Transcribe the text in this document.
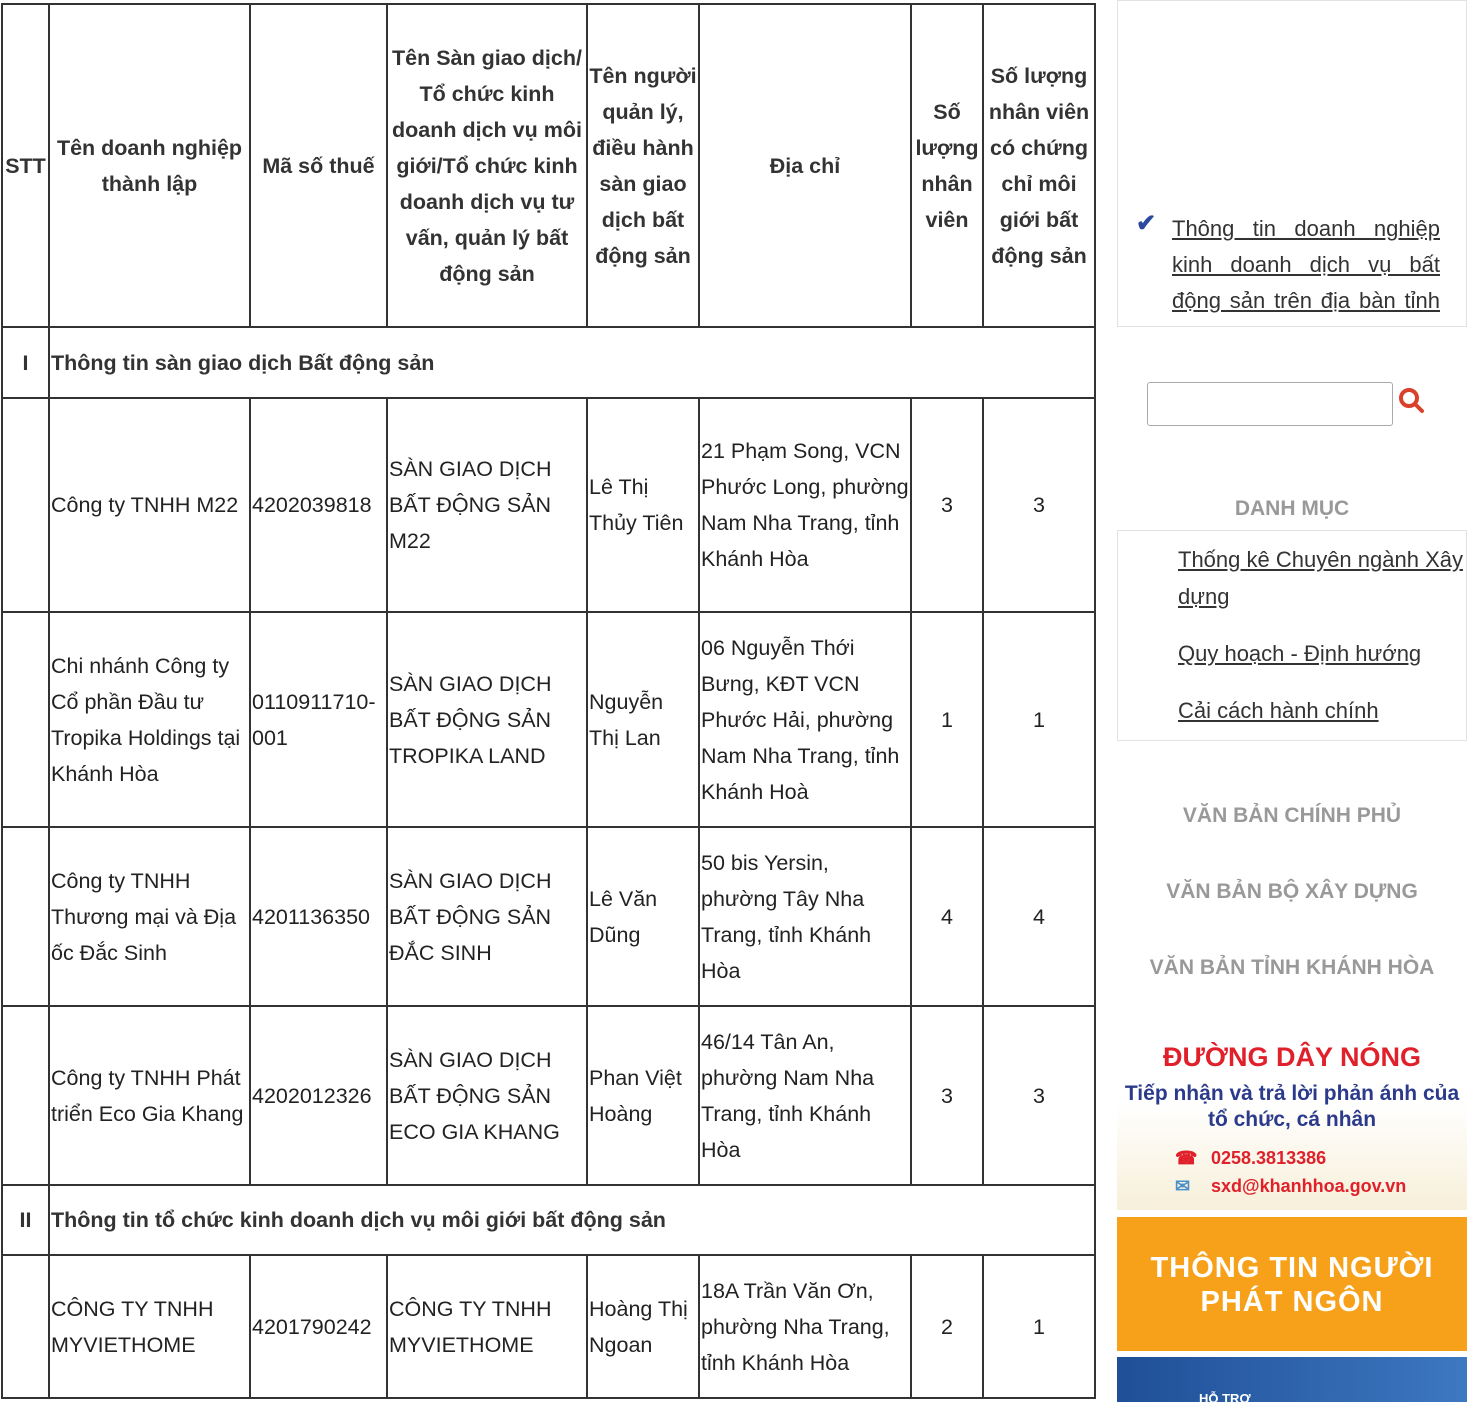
STT	Tên doanh nghiệp thành lập	Mã số thuế	Tên Sàn giao dịch/ Tổ chức kinh doanh dịch vụ môi giới/Tổ chức kinh doanh dịch vụ tư vấn, quản lý bất động sản	Tên người quản lý, điều hành sàn giao dịch bất động sản	Địa chỉ	Số lượng nhân viên	Số lượng nhân viên có chứng chỉ môi giới bất động sản
I	Thông tin sàn giao dịch Bất động sản						
	Công ty TNHH M22	4202039818	SÀN GIAO DỊCH BẤT ĐỘNG SẢN M22	Lê Thị Thủy Tiên	21 Phạm Song, VCN Phước Long, phường Nam Nha Trang, tỉnh Khánh Hòa	3	3
	Chi nhánh Công ty Cổ phần Đầu tư Tropika Holdings tại Khánh Hòa	0110911710-001	SÀN GIAO DỊCH BẤT ĐỘNG SẢN TROPIKA LAND	Nguyễn Thị Lan	06 Nguyễn Thới Bưng, KĐT VCN Phước Hải, phường Nam Nha Trang, tỉnh Khánh Hoà	1	1
	Công ty TNHH Thương mại và Địa ốc Đắc Sinh	4201136350	SÀN GIAO DỊCH BẤT ĐỘNG SẢN ĐẮC SINH	Lê Văn Dũng	50 bis Yersin, phường Tây Nha Trang, tỉnh Khánh Hòa	4	4
	Công ty TNHH Phát triển Eco Gia Khang	4202012326	SÀN GIAO DỊCH BẤT ĐỘNG SẢN ECO GIA KHANG	Phan Việt Hoàng	46/14 Tân An, phường Nam Nha Trang, tỉnh Khánh Hòa	3	3
II	Thông tin tổ chức kinh doanh dịch vụ môi giới bất động sản						
	CÔNG TY TNHH MYVIETHOME	4201790242	CÔNG TY TNHH MYVIETHOME	Hoàng Thị Ngoan	18A Trần Văn Ơn, phường Nha Trang, tỉnh Khánh Hòa	2	1
✔ Thông tin doanh nghiệp kinh doanh dịch vụ bất động sản trên địa bàn tỉnh
DANH MỤC
Thống kê Chuyên ngành Xây dựng
Quy hoạch - Định hướng
Cải cách hành chính
VĂN BẢN CHÍNH PHỦ
VĂN BẢN BỘ XÂY DỰNG
VĂN BẢN TỈNH KHÁNH HÒA
ĐƯỜNG DÂY NÓNG
Tiếp nhận và trả lời phản ánh của tổ chức, cá nhân
☎ 0258.3813386
✉ sxd@khanhhoa.gov.vn
THÔNG TIN NGƯỜI PHÁT NGÔN
HỖ TRỢ
